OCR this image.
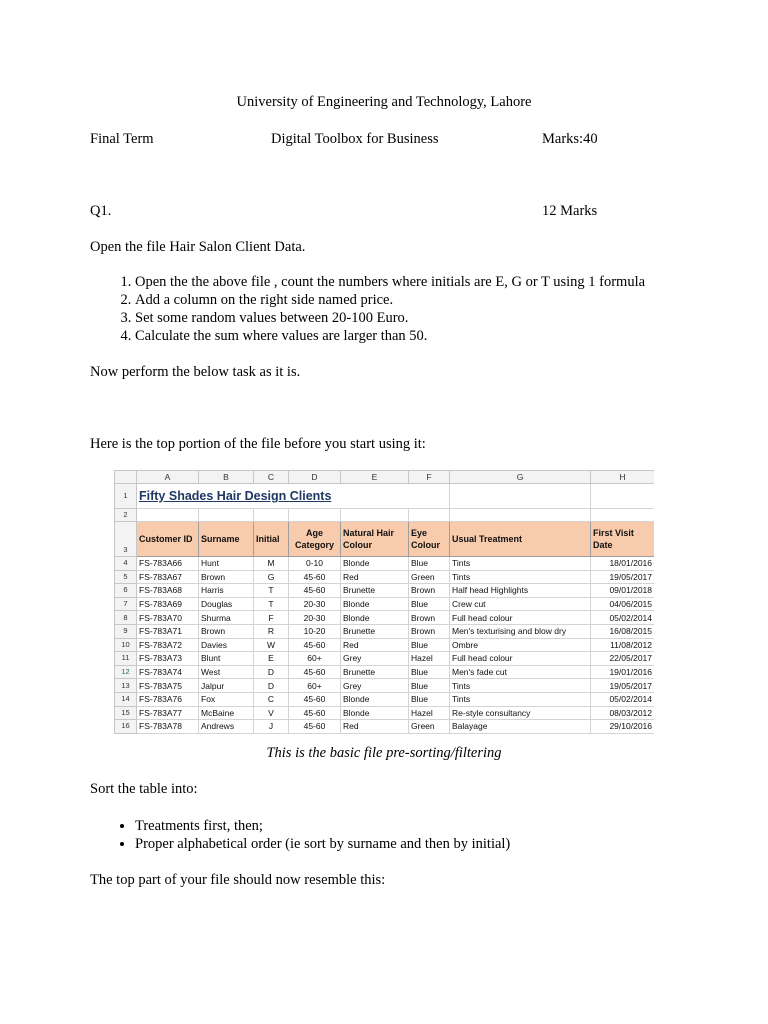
University of Engineering and Technology, Lahore
Final Term	Digital Toolbox for Business	Marks:40
Q1.	12 Marks
Open the file Hair Salon Client Data.
1. Open the the above file , count the numbers where initials are E, G or T using 1 formula
2. Add a column on the right side named price.
3. Set some random values between 20-100 Euro.
4. Calculate the sum where values are larger than 50.
Now perform the below task as it is.
Here is the top portion of the file before you start using it:
	A	B	C	D	E	F	G	H
1	Fifty Shades Hair Design Clients							
2								
3	Customer ID	Surname	Initial	Age Category	Natural Hair Colour	Eye Colour	Usual Treatment	First Visit Date
4	FS-783A66	Hunt	M	0-10	Blonde	Blue	Tints	18/01/2016
5	FS-783A67	Brown	G	45-60	Red	Green	Tints	19/05/2017
6	FS-783A68	Harris	T	45-60	Brunette	Brown	Half head Highlights	09/01/2018
7	FS-783A69	Douglas	T	20-30	Blonde	Blue	Crew cut	04/06/2015
8	FS-783A70	Shurma	F	20-30	Blonde	Brown	Full head colour	05/02/2014
9	FS-783A71	Brown	R	10-20	Brunette	Brown	Men's texturising and blow dry	16/08/2015
10	FS-783A72	Davies	W	45-60	Red	Blue	Ombre	11/08/2012
11	FS-783A73	Blunt	E	60+	Grey	Hazel	Full head colour	22/05/2017
12	FS-783A74	West	D	45-60	Brunette	Blue	Men's fade cut	19/01/2016
13	FS-783A75	Jalpur	D	60+	Grey	Blue	Tints	19/05/2017
14	FS-783A76	Fox	C	45-60	Blonde	Blue	Tints	05/02/2014
15	FS-783A77	McBaine	V	45-60	Blonde	Hazel	Re-style consultancy	08/03/2012
16	FS-783A78	Andrews	J	45-60	Red	Green	Balayage	29/10/2016
This is the basic file pre-sorting/filtering
Sort the table into:
• Treatments first, then;
• Proper alphabetical order (ie sort by surname and then by initial)
The top part of your file should now resemble this:
